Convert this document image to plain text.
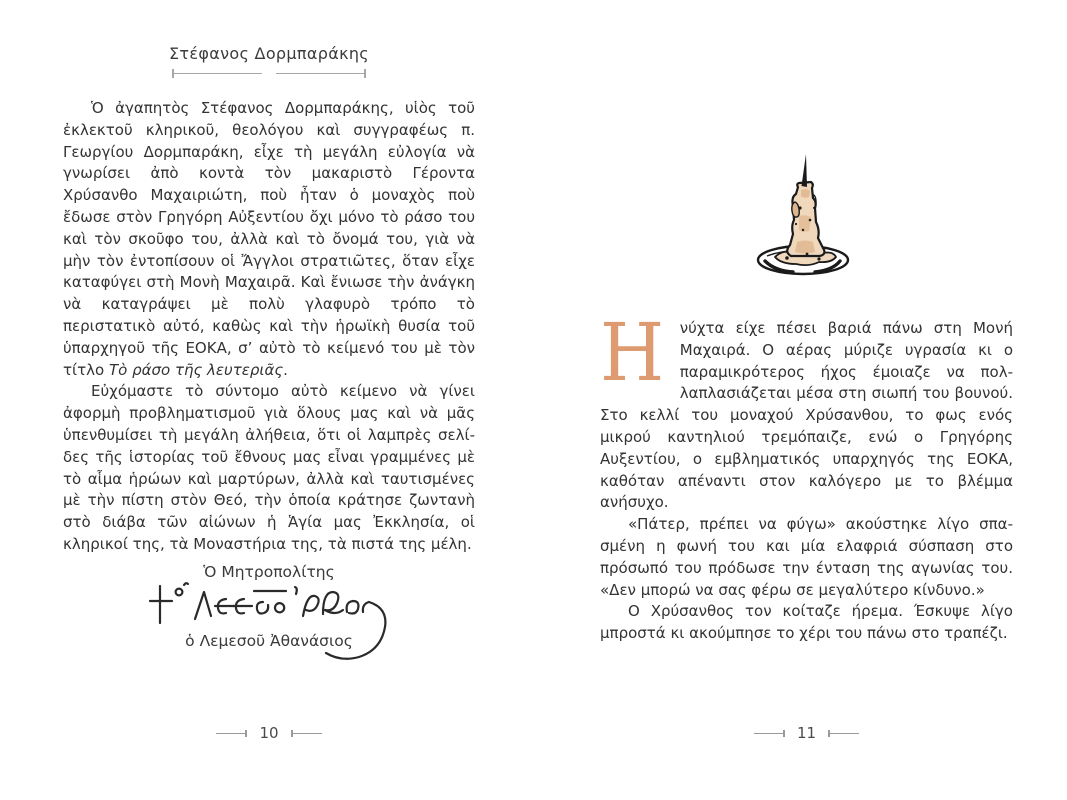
Στέφανος Δορμπαράκης

Ὁ ἀγαπητὸς Στέφανος Δορμπαράκης, υἱὸς τοῦ ἐκλεκτοῦ κληρικοῦ, θεολόγου καὶ συγγραφέως π. Γεωργίου Δορμπαράκη, εἶχε τὴ μεγάλη εὐλογία νὰ γνωρίσει ἀπὸ κοντὰ τὸν μακαριστὸ Γέροντα Χρύσανθο Μαχαιριώτη, ποὺ ἦταν ὁ μοναχὸς ποὺ ἔδωσε στὸν Γρηγόρη Αὐξεντίου ὄχι μόνο τὸ ράσο του καὶ τὸν σκοῦφο του, ἀλλὰ καὶ τὸ ὄνομά του, γιὰ νὰ μὴν τὸν ἐντοπίσουν οἱ Ἄγγλοι στρατιῶτες, ὅταν εἶχε καταφύγει στὴ Μονὴ Μαχαιρᾶ. Καὶ ἔνιωσε τὴν ἀνάγκη νὰ καταγράψει μὲ πολὺ γλαφυρὸ τρόπο τὸ περιστατικὸ αὐτό, καθὼς καὶ τὴν ἡρωϊκὴ θυσία τοῦ ὑπαρχηγοῦ τῆς ΕΟΚΑ, σ’ αὐτὸ τὸ κείμενό του μὲ τὸν τίτλο Τὸ ράσο τῆς λευτεριᾶς.

Εὐχόμαστε τὸ σύντομο αὐτὸ κείμενο νὰ γίνει ἀφορμὴ προβληματισμοῦ γιὰ ὅλους μας καὶ νὰ μᾶς ὑπενθυμίσει τὴ μεγάλη ἀλήθεια, ὅτι οἱ λαμπρὲς σελίδες τῆς ἱστορίας τοῦ ἔθνους μας εἶναι γραμμένες μὲ τὸ αἷμα ἡρώων καὶ μαρτύρων, ἀλλὰ καὶ ταυτισμένες μὲ τὴν πίστη στὸν Θεό, τὴν ὁποία κράτησε ζωντανὴ στὸ διάβα τῶν αἰώνων ἡ Ἁγία μας Ἐκκλησία, οἱ κληρικοί της, τὰ Μοναστήρια της, τὰ πιστά της μέλη.

Ὁ Μητροπολίτης
ὁ Λεμεσοῦ Ἀθανάσιος
10

Η νύχτα είχε πέσει βαριά πάνω στη Μονή Μαχαιρά. Ο αέρας μύριζε υγρασία κι ο παραμικρότερος ήχος έμοιαζε να πολλαπλασιάζεται μέσα στη σιωπή του βουνού. Στο κελλί του μοναχού Χρύσανθου, το φως ενός μικρού καντηλιού τρεμόπαιζε, ενώ ο Γρηγόρης Αυξεντίου, ο εμβληματικός υπαρχηγός της ΕΟΚΑ, καθόταν απέναντι στον καλόγερο με το βλέμμα ανήσυχο.

«Πάτερ, πρέπει να φύγω» ακούστηκε λίγο σπασμένη η φωνή του και μία ελαφριά σύσπαση στο πρόσωπό του πρόδωσε την ένταση της αγωνίας του. «Δεν μπορώ να σας φέρω σε μεγαλύτερο κίνδυνο.»

Ο Χρύσανθος τον κοίταζε ήρεμα. Έσκυψε λίγο μπροστά κι ακούμπησε το χέρι του πάνω στο τραπέζι.

11
